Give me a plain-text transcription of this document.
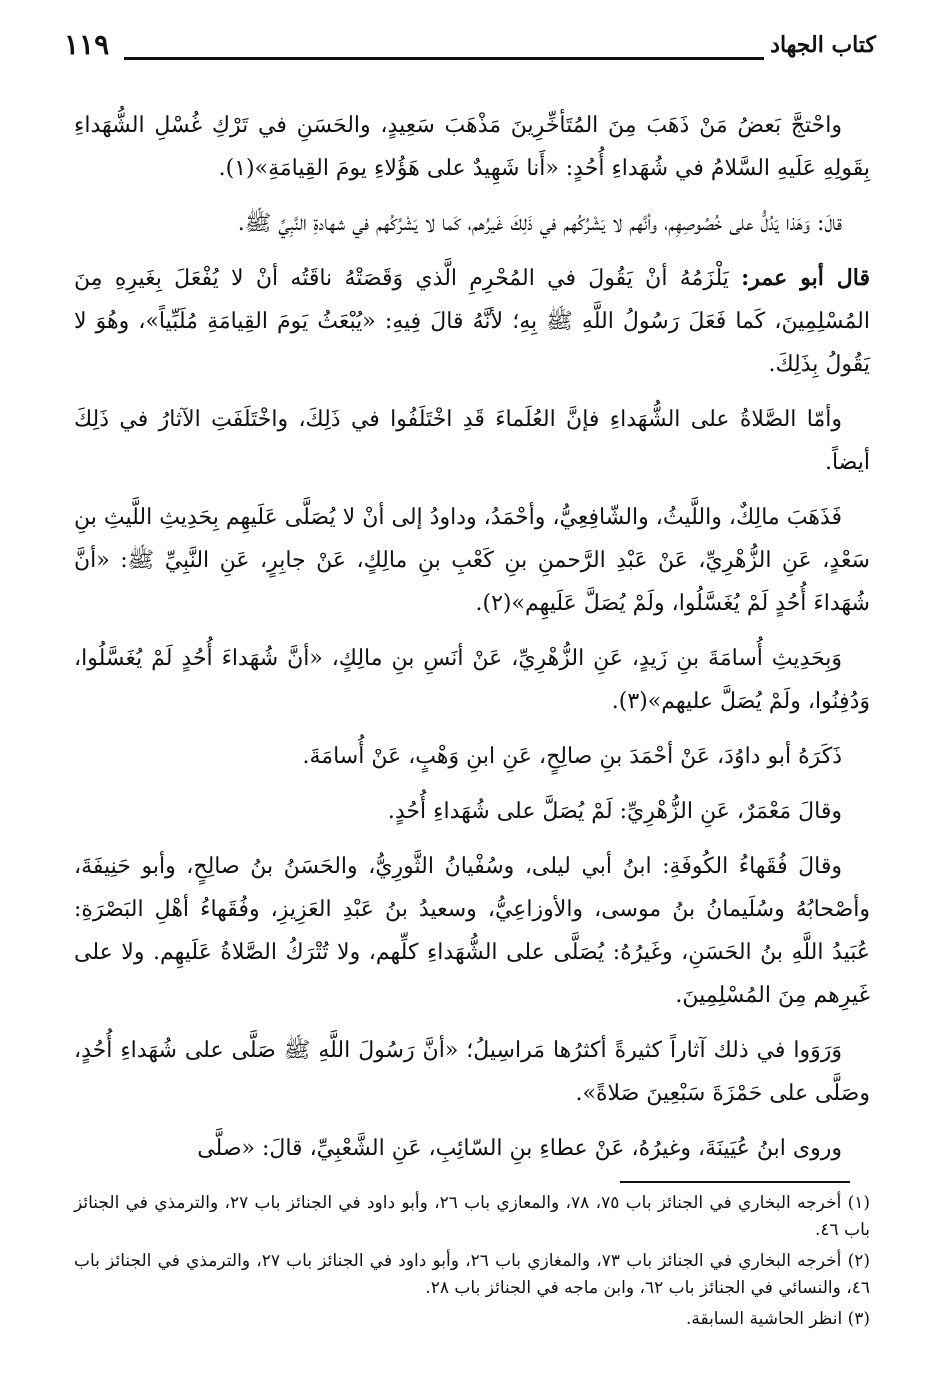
١١٩	كتاب الجهاد

واحْتجَّ بَعضُ مَنْ ذَهَبَ مِنَ المُتَأخِّرِينَ مَذْهَبَ سَعِيدٍ، والحَسَنِ في تَرْكِ غُسْلِ الشُّهَداءِ بِقَولِهِ عَلَيهِ السَّلامُ في شُهَداءِ أُحُدٍ: «أَنا شَهِيدٌ على هَؤُلاءِ يومَ القِيامَةِ»(١).

قالَ: وَهَذا يَدُلُّ على خُصُوصِهِم، وأنَّهم لا يَشْرُكُهم في ذَلِكَ غَيرُهم، كَما لا يَشْرُكُهم في شهادةِ النَّبِيِّ ﷺ.

قال أبو عمر: يَلْزَمُهُ أنْ يَقُولَ في المُحْرِمِ الَّذي وَقَصَتْهُ ناقَتُه أنْ لا يُفْعَلَ بِغَيرِهِ مِنَ المُسْلِمِينَ، كَما فَعَلَ رَسُولُ اللَّهِ ﷺ بِهِ؛ لأنَّهُ قالَ فِيهِ: «يُبْعَثُ يَومَ القِيامَةِ مُلَبِّياً»، وهُوَ لا يَقُولُ بِذَلِكَ.

وأمّا الصَّلاةُ على الشُّهَداءِ فإنَّ العُلَماءَ قَدِ اخْتَلَفُوا في ذَلِكَ، واخْتَلَفَتِ الآثارُ في ذَلِكَ أيضاً.

فَذَهَبَ مالِكٌ، واللَّيثُ، والشّافِعِيُّ، وأحْمَدُ، وداودُ إلى أنْ لا يُصَلَّى عَلَيهِم بِحَدِيثِ اللَّيثِ بنِ سَعْدٍ، عَنِ الزُّهْرِيِّ، عَنْ عَبْدِ الرَّحمنِ بنِ كَعْبِ بنِ مالِكٍ، عَنْ جابِرٍ، عَنِ النَّبِيِّ ﷺ: «أنَّ شُهَداءَ أُحُدٍ لَمْ يُغَسَّلُوا، ولَمْ يُصَلَّ عَلَيهِم»(٢).

وَبِحَدِيثِ أُسامَةَ بنِ زَيدٍ، عَنِ الزُّهْرِيِّ، عَنْ أنَسِ بنِ مالِكٍ، «أنَّ شُهَداءَ أُحُدٍ لَمْ يُغَسَّلُوا، وَدُفِنُوا، ولَمْ يُصَلَّ عليهم»(٣).

ذَكَرَهُ أبو داوُدَ، عَنْ أحْمَدَ بنِ صالِحٍ، عَنِ ابنِ وَهْبٍ، عَنْ أُسامَةَ.

وقالَ مَعْمَرٌ، عَنِ الزُّهْرِيِّ: لَمْ يُصَلَّ على شُهَداءِ أُحُدٍ.

وقالَ فُقَهاءُ الكُوفَةِ: ابنُ أبي ليلى، وسُفْيانُ الثَّورِيُّ، والحَسَنُ بنُ صالِحٍ، وأبو حَنِيفَةَ، وأصْحابُهُ وسُلَيمانُ بنُ موسى، والأوزاعِيُّ، وسعيدُ بنُ عَبْدِ العَزِيزِ، وفُقَهاءُ أهْلِ البَصْرَةِ: عُبَيدُ اللَّهِ بنُ الحَسَنِ، وغَيرُهُ: يُصَلَّى على الشُّهَداءِ كلِّهم، ولا تُتْرَكُ الصَّلاةُ عَلَيهِم. ولا على غَيرِهم مِنَ المُسْلِمِينَ.

وَرَوَوا في ذلك آثاراً كثيرةً أكثرُها مَراسِيلُ؛ «أنَّ رَسُولَ اللَّهِ ﷺ صَلَّى على شُهَداءِ أُحُدٍ، وصَلَّى على حَمْزَةَ سَبْعِينَ صَلاةً».

وروى ابنُ عُيَينَةَ، وغيرُهُ، عَنْ عطاءِ بنِ السّائِبِ، عَنِ الشَّعْبِيِّ، قالَ: «صلَّى

(١) أخرجه البخاري في الجنائز باب ٧٥، ٧٨، والمعازي باب ٢٦، وأبو داود في الجنائز باب ٢٧، والترمذي في الجنائز باب ٤٦.

(٢) أخرجه البخاري في الجنائز باب ٧٣، والمغازي باب ٢٦، وأبو داود في الجنائز باب ٢٧، والترمذي في الجنائز باب ٤٦، والنسائي في الجنائز باب ٦٢، وابن ماجه في الجنائز باب ٢٨.

(٣) انظر الحاشية السابقة.
